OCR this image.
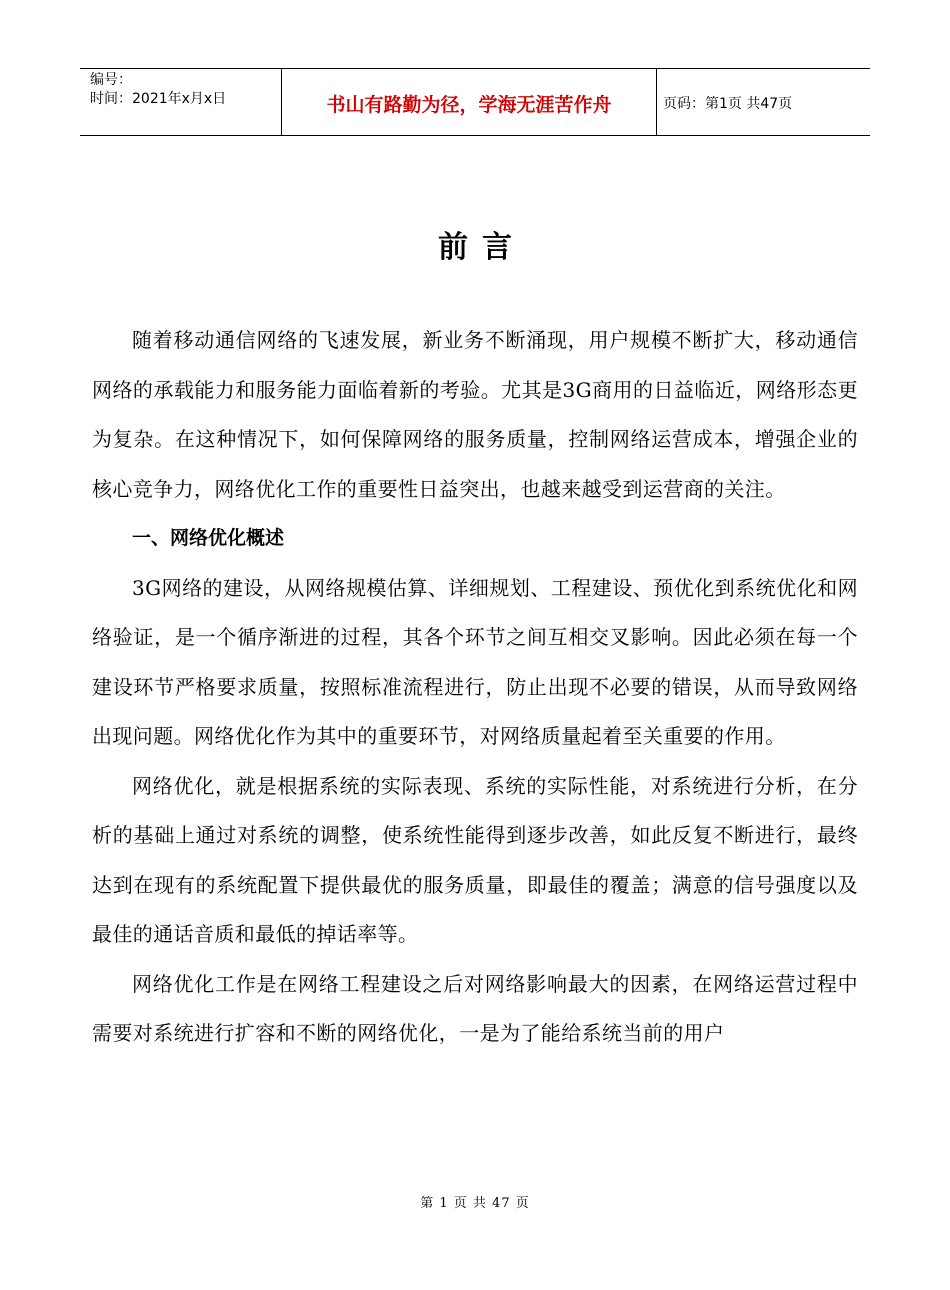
编号：
时间：2021年x月x日	书山有路勤为径，学海无涯苦作舟	页码：第1页 共47页
前言

随着移动通信网络的飞速发展，新业务不断涌现，用户规模不断扩大，移动通信网络的承载能力和服务能力面临着新的考验。尤其是3G商用的日益临近，网络形态更为复杂。在这种情况下，如何保障网络的服务质量，控制网络运营成本，增强企业的核心竞争力，网络优化工作的重要性日益突出，也越来越受到运营商的关注。

一、网络优化概述

3G网络的建设，从网络规模估算、详细规划、工程建设、预优化到系统优化和网络验证，是一个循序渐进的过程，其各个环节之间互相交叉影响。因此必须在每一个建设环节严格要求质量，按照标准流程进行，防止出现不必要的错误，从而导致网络出现问题。网络优化作为其中的重要环节，对网络质量起着至关重要的作用。

网络优化，就是根据系统的实际表现、系统的实际性能，对系统进行分析，在分析的基础上通过对系统的调整，使系统性能得到逐步改善，如此反复不断进行，最终达到在现有的系统配置下提供最优的服务质量，即最佳的覆盖；满意的信号强度以及最佳的通话音质和最低的掉话率等。

网络优化工作是在网络工程建设之后对网络影响最大的因素，在网络运营过程中需要对系统进行扩容和不断的网络优化，一是为了能给系统当前的用户

第 1 页 共 47 页
